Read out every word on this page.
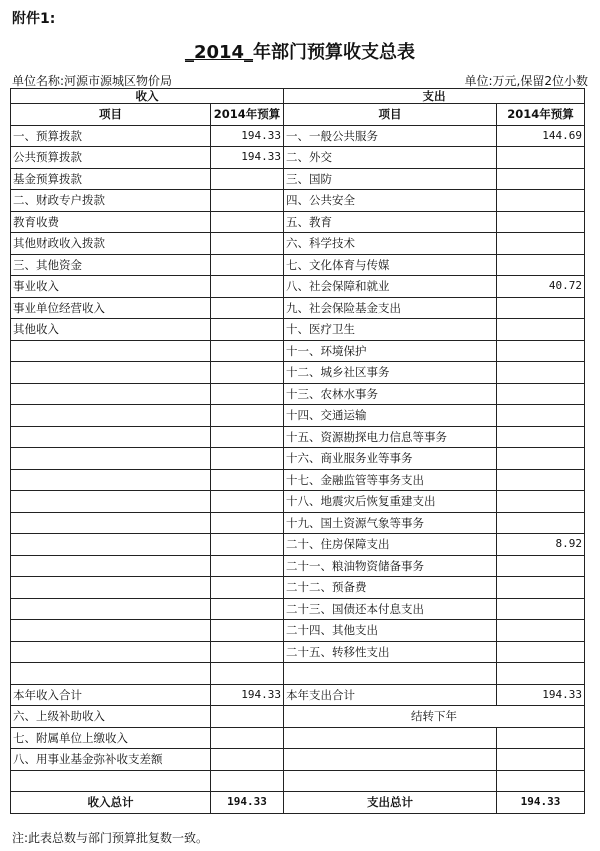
附件1:
_2014_年部门预算收支总表
单位名称:河源市源城区物价局	单位:万元,保留2位小数
收入		支出	
项目	2014年预算	项目	2014年预算
一、预算拨款	194.33	一、一般公共服务	144.69
公共预算拨款	194.33	二、外交	
基金预算拨款		三、国防	
二、财政专户拨款		四、公共安全	
教育收费		五、教育	
其他财政收入拨款		六、科学技术	
三、其他资金		七、文化体育与传媒	
事业收入		八、社会保障和就业	40.72
事业单位经营收入		九、社会保险基金支出	
其他收入		十、医疗卫生	
		十一、环境保护	
		十二、城乡社区事务	
		十三、农林水事务	
		十四、交通运输	
		十五、资源勘探电力信息等事务	
		十六、商业服务业等事务	
		十七、金融监管等事务支出	
		十八、地震灾后恢复重建支出	
		十九、国土资源气象等事务	
		二十、住房保障支出	8.92
		二十一、粮油物资储备事务	
		二十二、预备费	
		二十三、国债还本付息支出	
		二十四、其他支出	
		二十五、转移性支出	

本年收入合计	194.33	本年支出合计	194.33
六、上级补助收入		结转下年	
七、附属单位上缴收入			
八、用事业基金弥补收支差额			

收入总计	194.33	支出总计	194.33
注:此表总数与部门预算批复数一致。
